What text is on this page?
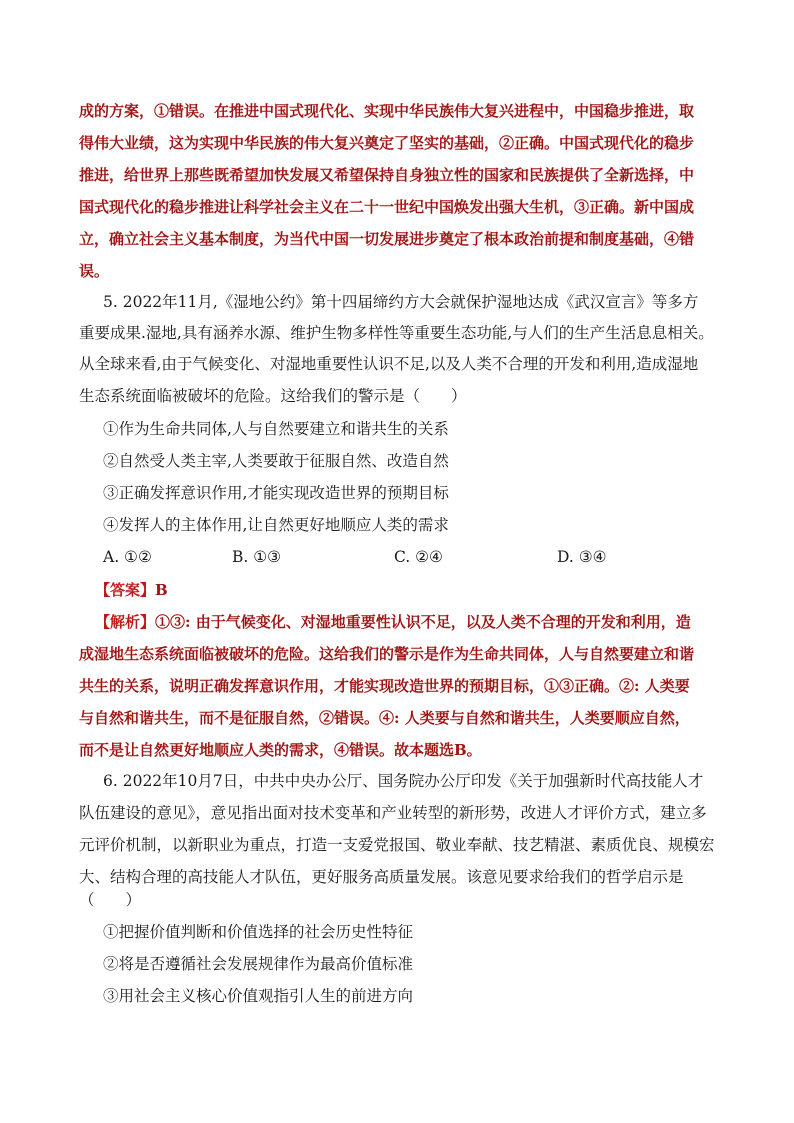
成的方案，①错误。在推进中国式现代化、实现中华民族伟大复兴进程中，中国稳步推进，取
得伟大业绩，这为实现中华民族的伟大复兴奠定了坚实的基础，②正确。中国式现代化的稳步
推进，给世界上那些既希望加快发展又希望保持自身独立性的国家和民族提供了全新选择，中
国式现代化的稳步推进让科学社会主义在二十一世纪中国焕发出强大生机，③正确。新中国成
立，确立社会主义基本制度，为当代中国一切发展进步奠定了根本政治前提和制度基础，④错
误。
5. 2022年11月,《湿地公约》第十四届缔约方大会就保护湿地达成《武汉宣言》等多方
重要成果.湿地,具有涵养水源、维护生物多样性等重要生态功能,与人们的生产生活息息相关。
从全球来看,由于气候变化、对湿地重要性认识不足,以及人类不合理的开发和利用,造成湿地
生态系统面临被破坏的危险。这给我们的警示是（　　）
①作为生命共同体,人与自然要建立和谐共生的关系
②自然受人类主宰,人类要敢于征服自然、改造自然
③正确发挥意识作用,才能实现改造世界的预期目标
④发挥人的主体作用,让自然更好地顺应人类的需求
A. ①②	B. ①③	C. ②④	D. ③④
【答案】B
【解析】①③: 由于气候变化、对湿地重要性认识不足，以及人类不合理的开发和利用，造
成湿地生态系统面临被破坏的危险。这给我们的警示是作为生命共同体，人与自然要建立和谐
共生的关系，说明正确发挥意识作用，才能实现改造世界的预期目标，①③正确。②: 人类要
与自然和谐共生，而不是征服自然，②错误。④: 人类要与自然和谐共生，人类要顺应自然，
而不是让自然更好地顺应人类的需求，④错误。故本题选B。
6. 2022年10月7日，中共中央办公厅、国务院办公厅印发《关于加强新时代高技能人才
队伍建设的意见》，意见指出面对技术变革和产业转型的新形势，改进人才评价方式，建立多
元评价机制，以新职业为重点，打造一支爱党报国、敬业奉献、技艺精湛、素质优良、规模宏
大、结构合理的高技能人才队伍，更好服务高质量发展。该意见要求给我们的哲学启示是
（　　）
①把握价值判断和价值选择的社会历史性特征
②将是否遵循社会发展规律作为最高价值标准
③用社会主义核心价值观指引人生的前进方向
